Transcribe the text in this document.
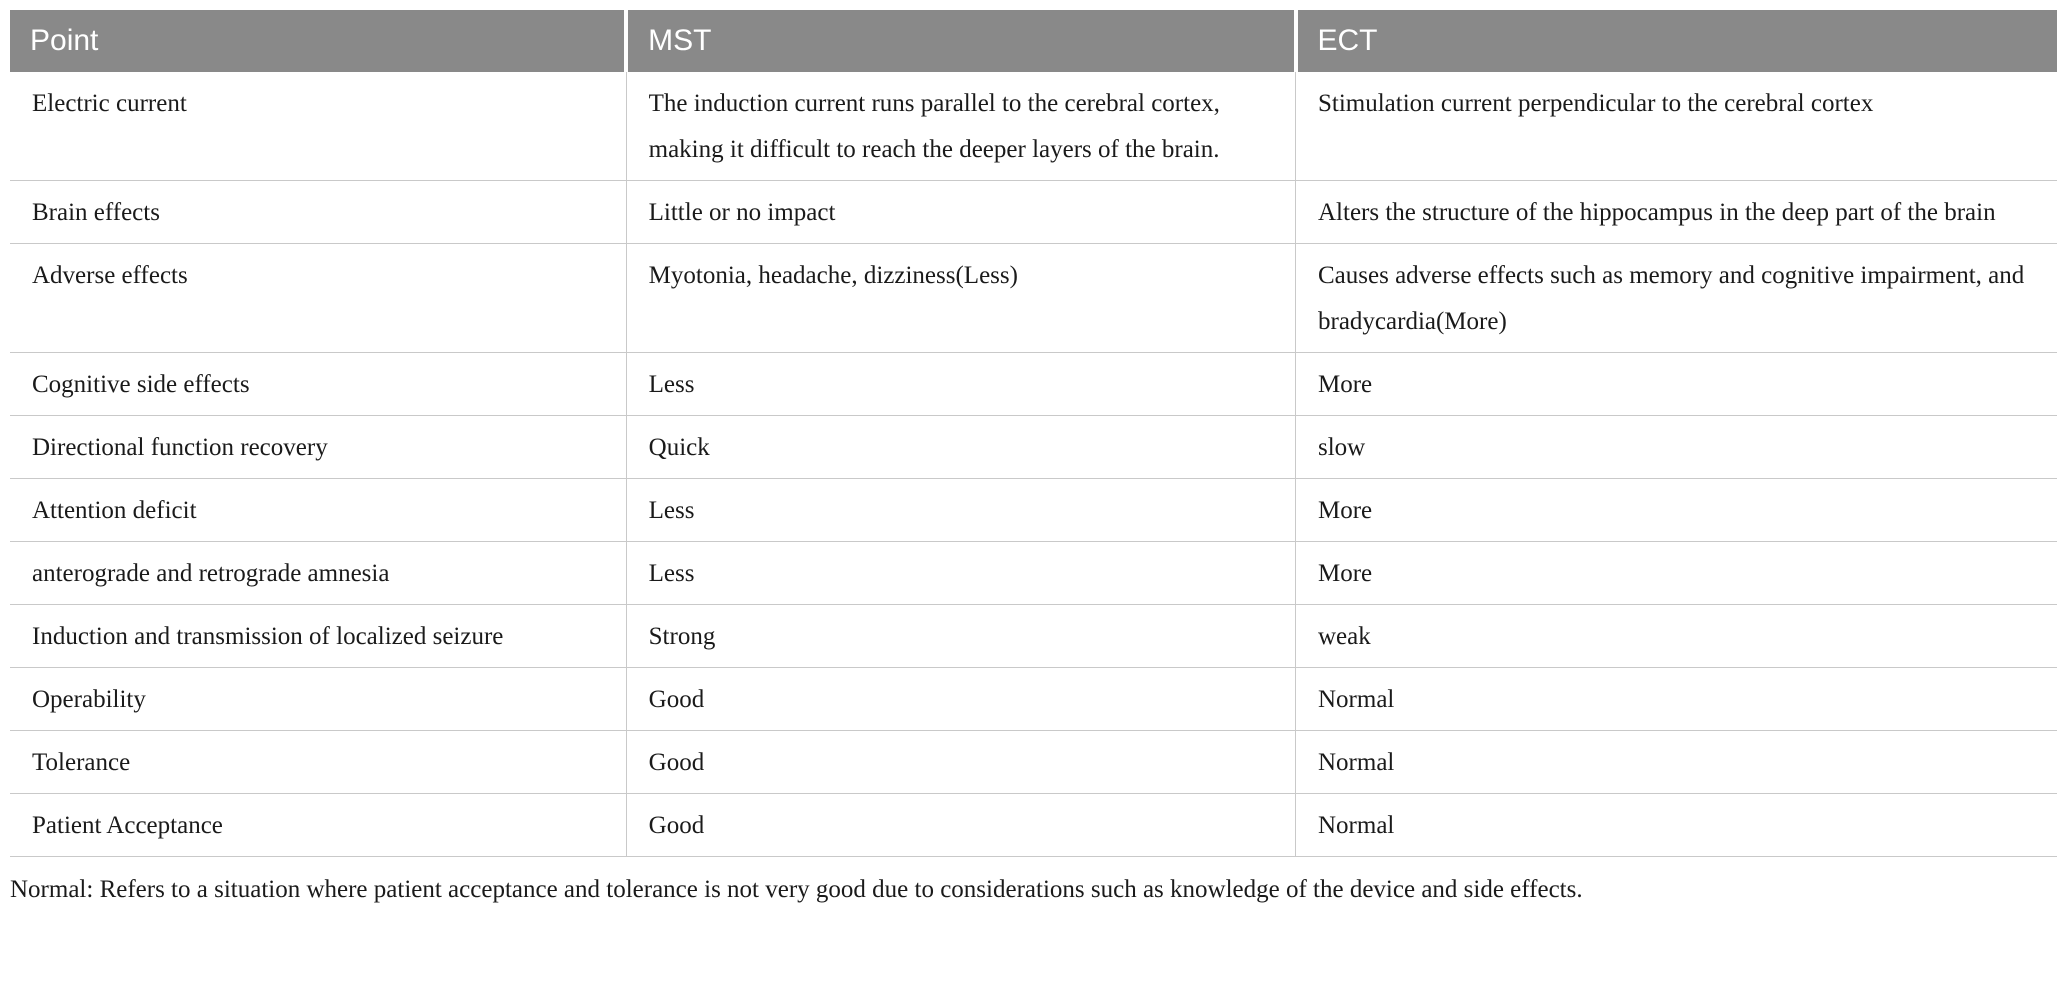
Point	MST	ECT
Electric current	The induction current runs parallel to the cerebral cortex, making it difficult to reach the deeper layers of the brain.	Stimulation current perpendicular to the cerebral cortex
Brain effects	Little or no impact	Alters the structure of the hippocampus in the deep part of the brain
Adverse effects	Myotonia, headache, dizziness(Less)	Causes adverse effects such as memory and cognitive impairment, and bradycardia(More)
Cognitive side effects	Less	More
Directional function recovery	Quick	slow
Attention deficit	Less	More
anterograde and retrograde amnesia	Less	More
Induction and transmission of localized seizure	Strong	weak
Operability	Good	Normal
Tolerance	Good	Normal
Patient Acceptance	Good	Normal
Normal: Refers to a situation where patient acceptance and tolerance is not very good due to considerations such as knowledge of the device and side effects.
